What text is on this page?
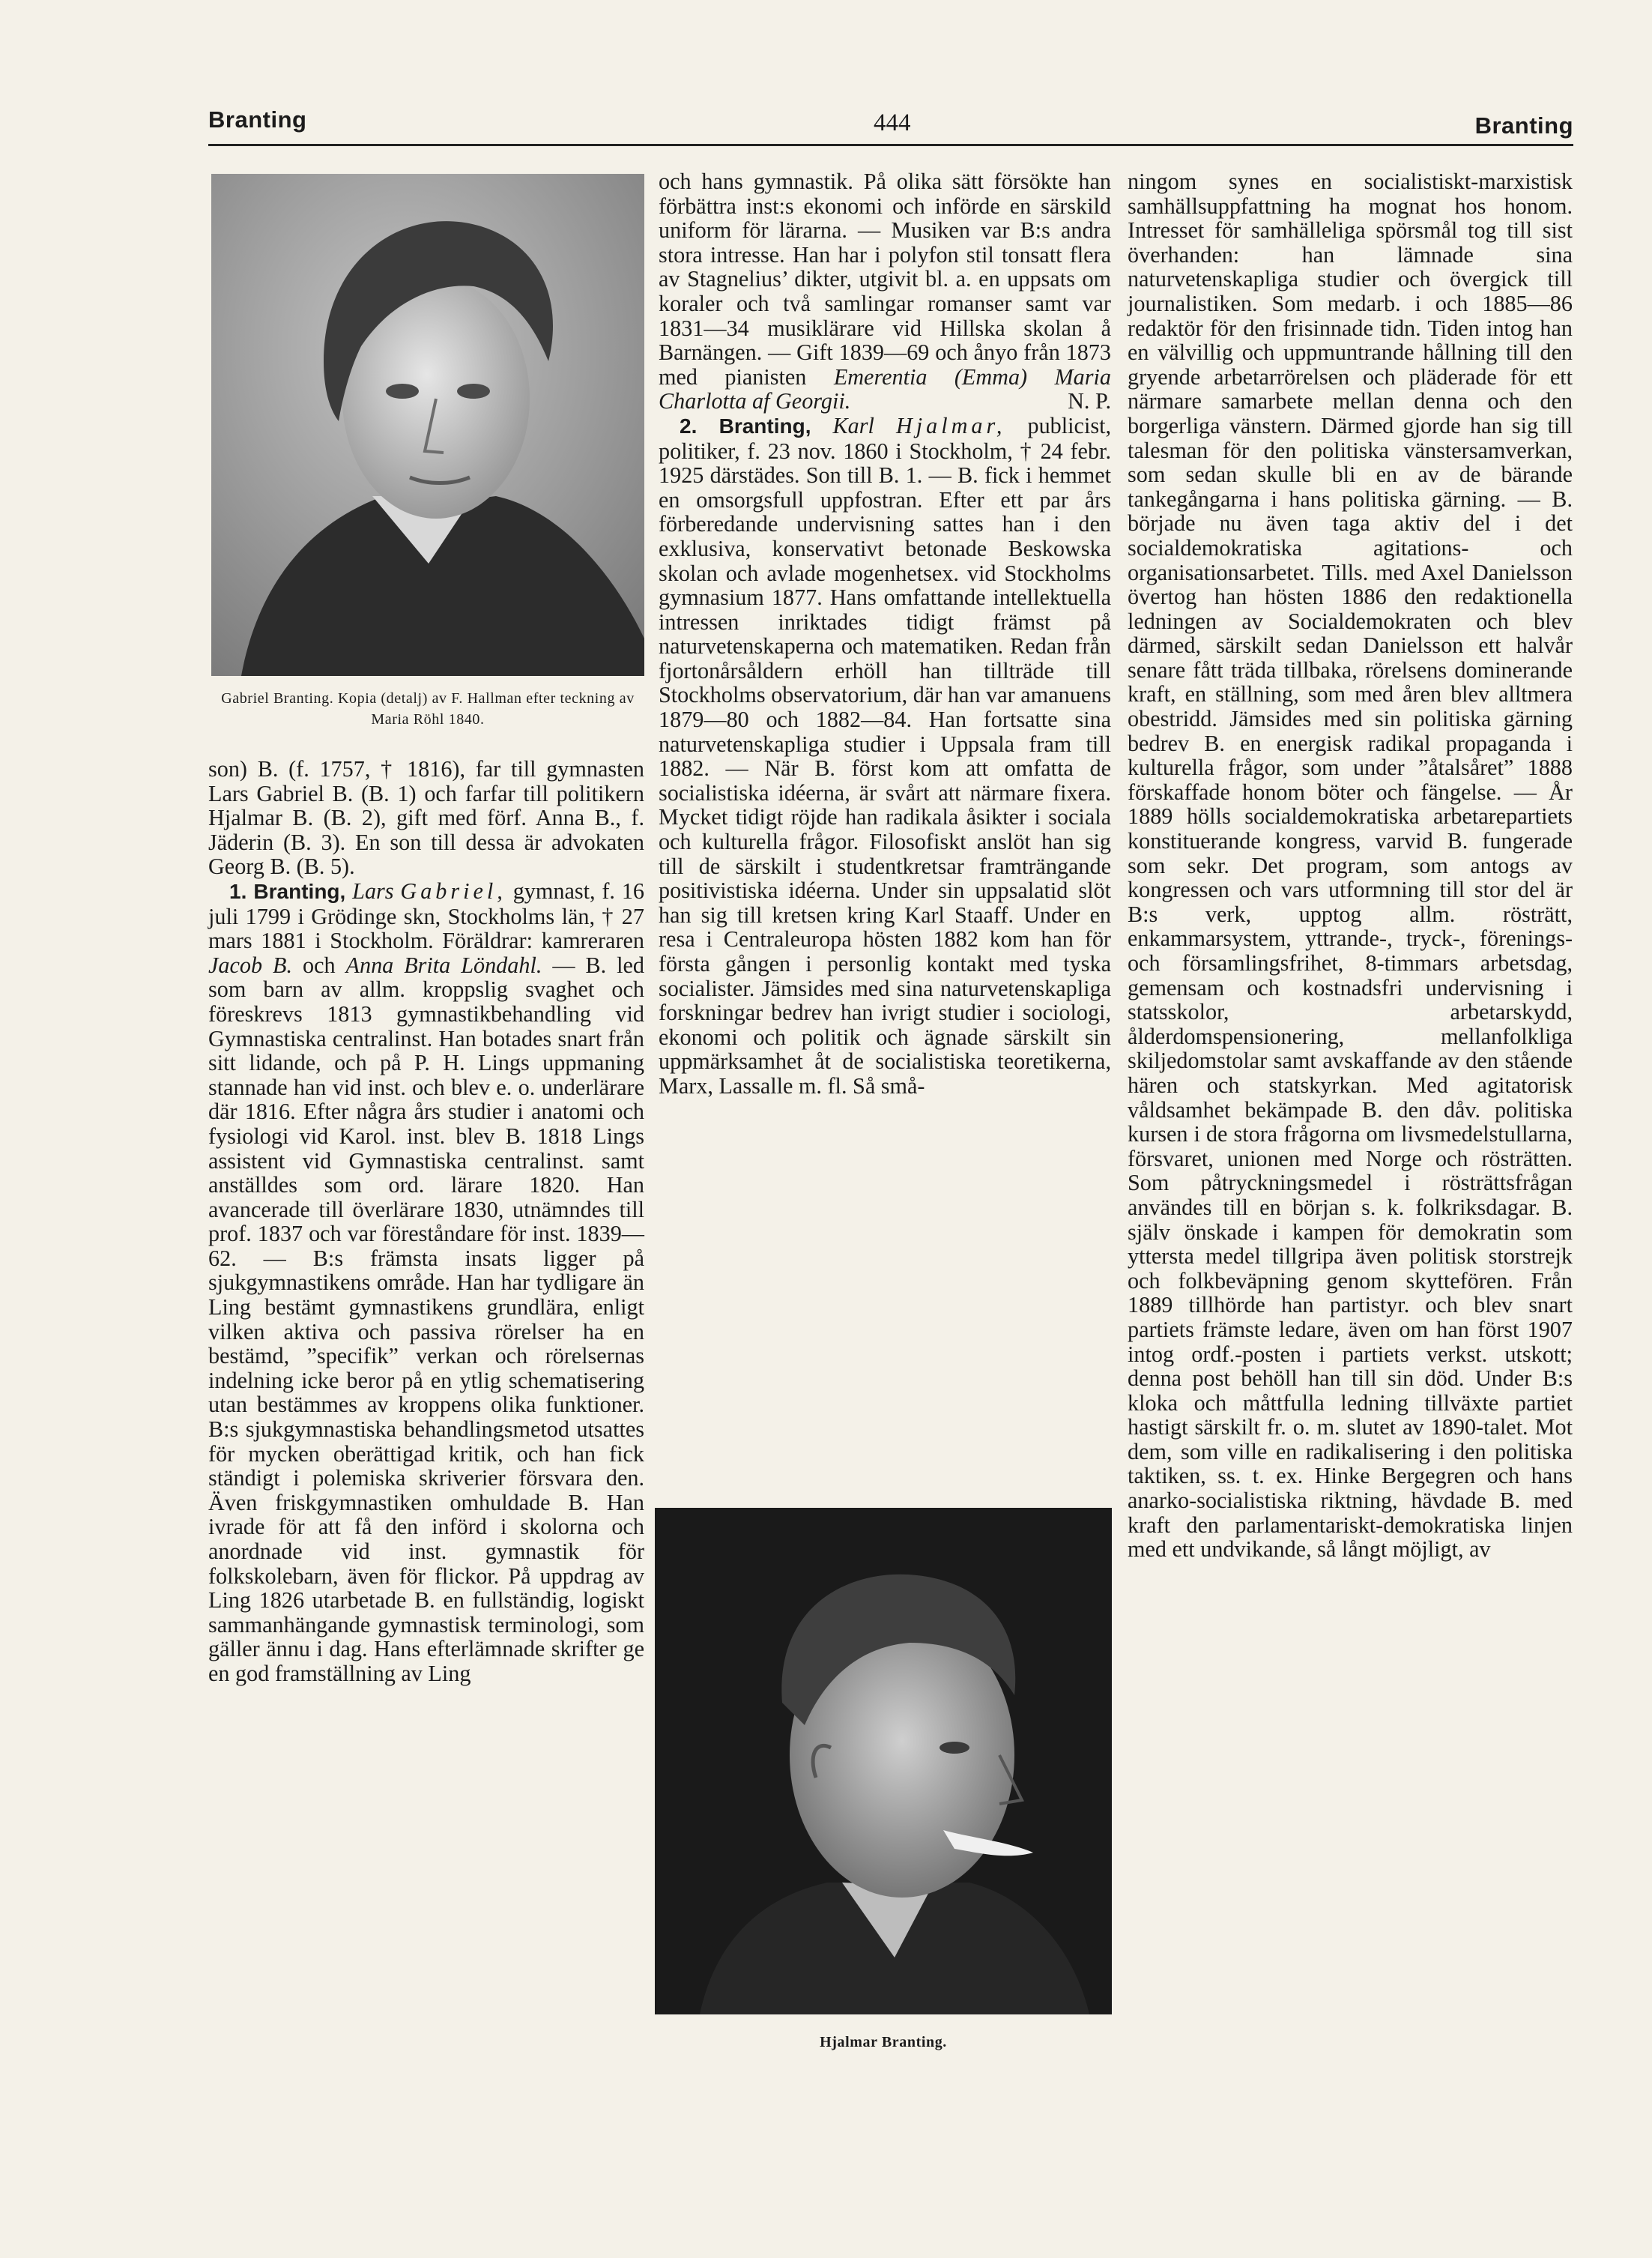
Branting	444	Branting
Gabriel Branting. Kopia (detalj) av F. Hallman efter teckning av Maria Röhl 1840.

son) B. (f. 1757, † 1816), far till gymnasten Lars Gabriel B. (B. 1) och farfar till politikern Hjalmar B. (B. 2), gift med förf. Anna B., f. Jäderin (B. 3). En son till dessa är advokaten Georg B. (B. 5).

1. Branting, Lars Gabriel, gymnast, f. 16 juli 1799 i Grödinge skn, Stockholms län, † 27 mars 1881 i Stockholm. Föräldrar: kamreraren Jacob B. och Anna Brita Löndahl. — B. led som barn av allm. kroppslig svaghet och föreskrevs 1813 gymnastikbehandling vid Gymnastiska centralinst. Han botades snart från sitt lidande, och på P. H. Lings uppmaning stannade han vid inst. och blev e. o. underlärare där 1816. Efter några års studier i anatomi och fysiologi vid Karol. inst. blev B. 1818 Lings assistent vid Gymnastiska centralinst. samt anställdes som ord. lärare 1820. Han avancerade till överlärare 1830, utnämndes till prof. 1837 och var föreståndare för inst. 1839—62. — B:s främsta insats ligger på sjukgymnastikens område. Han har tydligare än Ling bestämt gymnastikens grundlära, enligt vilken aktiva och passiva rörelser ha en bestämd, ”specifik” verkan och rörelsernas indelning icke beror på en ytlig schematisering utan bestämmes av kroppens olika funktioner. B:s sjukgymnastiska behandlingsmetod utsattes för mycken oberättigad kritik, och han fick ständigt i polemiska skriverier försvara den. Även friskgymnastiken omhuldade B. Han ivrade för att få den införd i skolorna och anordnade vid inst. gymnastik för folkskolebarn, även för flickor. På uppdrag av Ling 1826 utarbetade B. en fullständig, logiskt sammanhängande gymnastisk terminologi, som gäller ännu i dag. Hans efterlämnade skrifter ge en god framställning av Ling

och hans gymnastik. På olika sätt försökte han förbättra inst:s ekonomi och införde en särskild uniform för lärarna. — Musiken var B:s andra stora intresse. Han har i polyfon stil tonsatt flera av Stagnelius’ dikter, utgivit bl. a. en uppsats om koraler och två samlingar romanser samt var 1831—34 musiklärare vid Hillska skolan å Barnängen. — Gift 1839—69 och ånyo från 1873 med pianisten Emerentia (Emma) Maria Charlotta af Georgii.	N. P.

2. Branting, Karl Hjalmar, publicist, politiker, f. 23 nov. 1860 i Stockholm, † 24 febr. 1925 därstädes. Son till B. 1. — B. fick i hemmet en omsorgsfull uppfostran. Efter ett par års förberedande undervisning sattes han i den exklusiva, konservativt betonade Beskowska skolan och avlade mogenhetsex. vid Stockholms gymnasium 1877. Hans omfattande intellektuella intressen inriktades tidigt främst på naturvetenskaperna och matematiken. Redan från fjortonårsåldern erhöll han tillträde till Stockholms observatorium, där han var amanuens 1879—80 och 1882—84. Han fortsatte sina naturvetenskapliga studier i Uppsala fram till 1882. — När B. först kom att omfatta de socialistiska idéerna, är svårt att närmare fixera. Mycket tidigt röjde han radikala åsikter i sociala och kulturella frågor. Filosofiskt anslöt han sig till de särskilt i studentkretsar framträngande positivistiska idéerna. Under sin uppsalatid slöt han sig till kretsen kring Karl Staaff. Under en resa i Centraleuropa hösten 1882 kom han för första gången i personlig kontakt med tyska socialister. Jämsides med sina naturvetenskapliga forskningar bedrev han ivrigt studier i sociologi, ekonomi och politik och ägnade särskilt sin uppmärksamhet åt de socialistiska teoretikerna, Marx, Lassalle m. fl. Så små-

Hjalmar Branting.

ningom synes en socialistiskt-marxistisk samhällsuppfattning ha mognat hos honom. Intresset för samhälleliga spörsmål tog till sist överhanden: han lämnade sina naturvetenskapliga studier och övergick till journalistiken. Som medarb. i och 1885—86 redaktör för den frisinnade tidn. Tiden intog han en välvillig och uppmuntrande hållning till den gryende arbetarrörelsen och pläderade för ett närmare samarbete mellan denna och den borgerliga vänstern. Därmed gjorde han sig till talesman för den politiska vänstersamverkan, som sedan skulle bli en av de bärande tankegångarna i hans politiska gärning. — B. började nu även taga aktiv del i det socialdemokratiska agitations- och organisationsarbetet. Tills. med Axel Danielsson övertog han hösten 1886 den redaktionella ledningen av Socialdemokraten och blev därmed, särskilt sedan Danielsson ett halvår senare fått träda tillbaka, rörelsens dominerande kraft, en ställning, som med åren blev alltmera obestridd. Jämsides med sin politiska gärning bedrev B. en energisk radikal propaganda i kulturella frågor, som under ”åtalsåret” 1888 förskaffade honom böter och fängelse. — År 1889 hölls socialdemokratiska arbetarepartiets konstituerande kongress, varvid B. fungerade som sekr. Det program, som antogs av kongressen och vars utformning till stor del är B:s verk, upptog allm. rösträtt, enkammarsystem, yttrande-, tryck-, förenings- och församlingsfrihet, 8-timmars arbetsdag, gemensam och kostnadsfri undervisning i statsskolor, arbetarskydd, ålderdomspensionering, mellanfolkliga skiljedomstolar samt avskaffande av den stående hären och statskyrkan. Med agitatorisk våldsamhet bekämpade B. den dåv. politiska kursen i de stora frågorna om livsmedelstullarna, försvaret, unionen med Norge och rösträtten. Som påtryckningsmedel i rösträttsfrågan användes till en början s. k. folkriksdagar. B. själv önskade i kampen för demokratin som yttersta medel tillgripa även politisk storstrejk och folkbeväpning genom skyttefören. Från 1889 tillhörde han partistyr. och blev snart partiets främste ledare, även om han först 1907 intog ordf.-posten i partiets verkst. utskott; denna post behöll han till sin död. Under B:s kloka och måttfulla ledning tillväxte partiet hastigt särskilt fr. o. m. slutet av 1890-talet. Mot dem, som ville en radikalisering i den politiska taktiken, ss. t. ex. Hinke Bergegren och hans anarko-socialistiska riktning, hävdade B. med kraft den parlamentariskt-demokratiska linjen med ett undvikande, så långt möjligt, av
